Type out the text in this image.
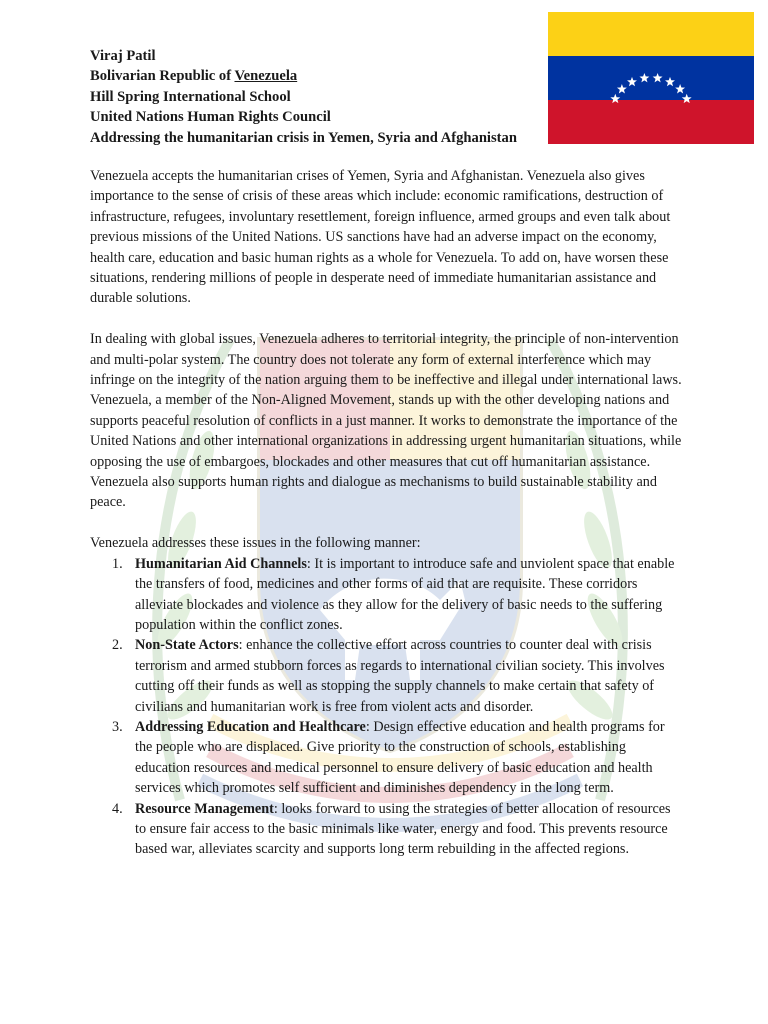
Viraj Patil
Bolivarian Republic of Venezuela
Hill Spring International School
United Nations Human Rights Council
Addressing the humanitarian crisis in Yemen, Syria and Afghanistan

Venezuela accepts the humanitarian crises of Yemen, Syria and Afghanistan. Venezuela also gives importance to the sense of crisis of these areas which include: economic ramifications, destruction of infrastructure, refugees, involuntary resettlement, foreign influence, armed groups and even talk about previous missions of the United Nations. US sanctions have had an adverse impact on the economy, health care, education and basic human rights as a whole for Venezuela. To add on, have worsen these situations, rendering millions of people in desperate need of immediate humanitarian assistance and durable solutions.

In dealing with global issues, Venezuela adheres to territorial integrity, the principle of non-intervention and multi-polar system. The country does not tolerate any form of external interference which may infringe on the integrity of the nation arguing them to be ineffective and illegal under international laws. Venezuela, a member of the Non-Aligned Movement, stands up with the other developing nations and supports peaceful resolution of conflicts in a just manner. It works to demonstrate the importance of the United Nations and other international organizations in addressing urgent humanitarian situations, while opposing the use of embargoes, blockades and other measures that cut off humanitarian assistance. Venezuela also supports human rights and dialogue as mechanisms to build sustainable stability and peace.

Venezuela addresses these issues in the following manner:

Humanitarian Aid Channels: It is important to introduce safe and unviolent space that enable the transfers of food, medicines and other forms of aid that are requisite. These corridors alleviate blockades and violence as they allow for the delivery of basic needs to the suffering population within the conflict zones.
Non-State Actors: enhance the collective effort across countries to counter deal with crisis terrorism and armed stubborn forces as regards to international civilian society. This involves cutting off their funds as well as stopping the supply channels to make certain that safety of civilians and humanitarian work is free from violent acts and disorder.
Addressing Education and Healthcare: Design effective education and health programs for the people who are displaced. Give priority to the construction of schools, establishing education resources and medical personnel to ensure delivery of basic education and health services which promotes self sufficient and diminishes dependency in the long term.
Resource Management: looks forward to using the strategies of better allocation of resources to ensure fair access to the basic minimals like water, energy and food. This prevents resource based war, alleviates scarcity and supports long term rebuilding in the affected regions.
